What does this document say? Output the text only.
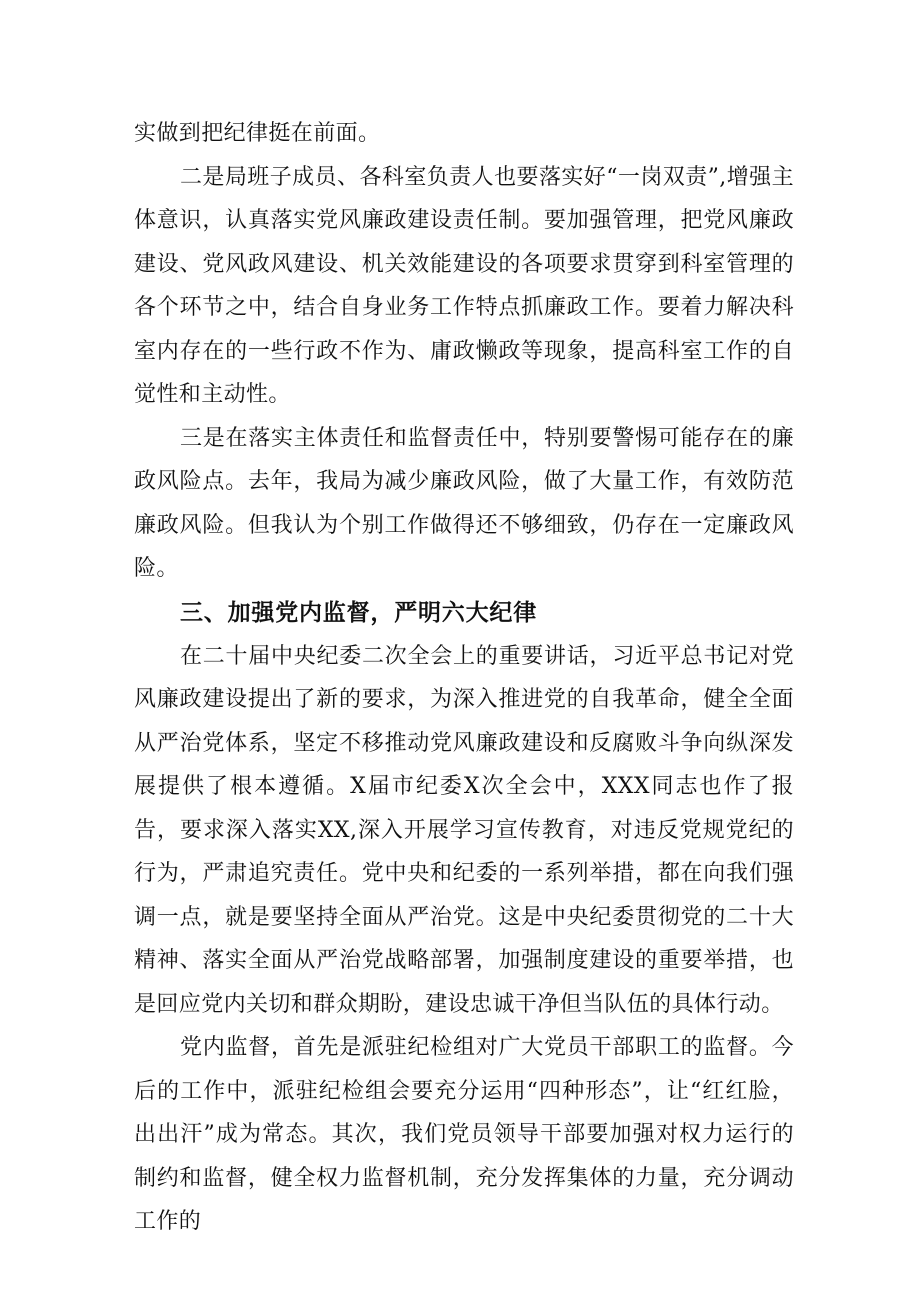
实做到把纪律挺在前面。

二是局班子成员、各科室负责人也要落实好“一岗双责”,增强主体意识，认真落实党风廉政建设责任制。要加强管理，把党风廉政建设、党风政风建设、机关效能建设的各项要求贯穿到科室管理的各个环节之中，结合自身业务工作特点抓廉政工作。要着力解决科室内存在的一些行政不作为、庸政懒政等现象，提高科室工作的自觉性和主动性。

三是在落实主体责任和监督责任中，特别要警惕可能存在的廉政风险点。去年，我局为减少廉政风险，做了大量工作，有效防范廉政风险。但我认为个别工作做得还不够细致，仍存在一定廉政风险。

三、加强党内监督，严明六大纪律

在二十届中央纪委二次全会上的重要讲话，习近平总书记对党风廉政建设提出了新的要求，为深入推进党的自我革命，健全全面从严治党体系，坚定不移推动党风廉政建设和反腐败斗争向纵深发展提供了根本遵循。X届市纪委X次全会中，XXX同志也作了报告，要求深入落实XX,深入开展学习宣传教育，对违反党规党纪的行为，严肃追究责任。党中央和纪委的一系列举措，都在向我们强调一点，就是要坚持全面从严治党。这是中央纪委贯彻党的二十大精神、落实全面从严治党战略部署，加强制度建设的重要举措，也是回应党内关切和群众期盼，建设忠诚干净但当队伍的具体行动。

党内监督，首先是派驻纪检组对广大党员干部职工的监督。今后的工作中，派驻纪检组会要充分运用“四种形态”，让“红红脸，出出汗”成为常态。其次，我们党员领导干部要加强对权力运行的制约和监督，健全权力监督机制，充分发挥集体的力量，充分调动工作的
